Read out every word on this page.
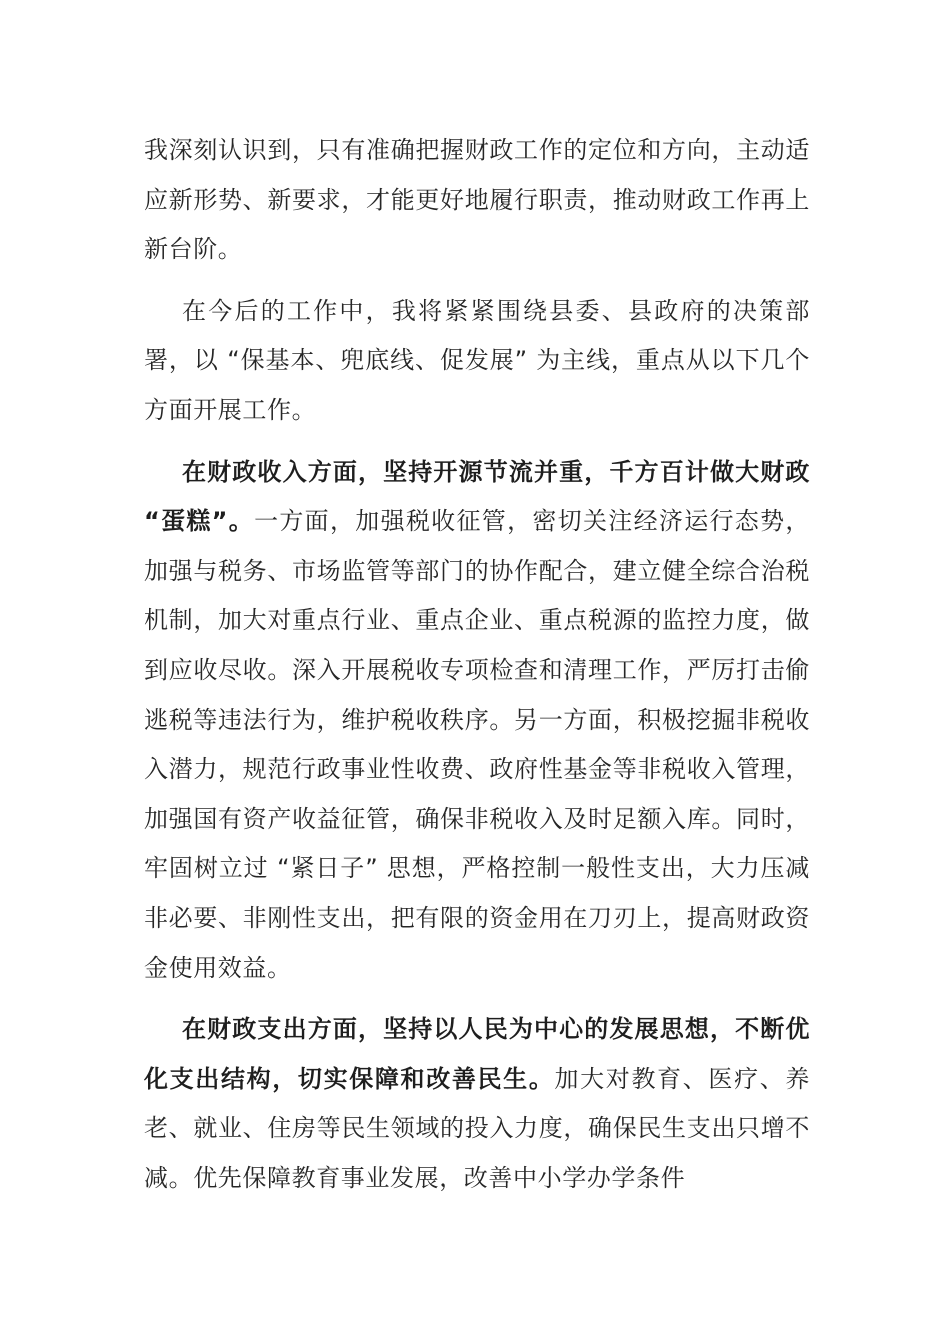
我深刻认识到，只有准确把握财政工作的定位和方向，主动适应新形势、新要求，才能更好地履行职责，推动财政工作再上新台阶。

在今后的工作中，我将紧紧围绕县委、县政府的决策部署，以 “保基本、兜底线、促发展” 为主线，重点从以下几个方面开展工作。

在财政收入方面，坚持开源节流并重，千方百计做大财政 “蛋糕”。一方面，加强税收征管，密切关注经济运行态势，加强与税务、市场监管等部门的协作配合，建立健全综合治税机制，加大对重点行业、重点企业、重点税源的监控力度，做到应收尽收。深入开展税收专项检查和清理工作，严厉打击偷逃税等违法行为，维护税收秩序。另一方面，积极挖掘非税收入潜力，规范行政事业性收费、政府性基金等非税收入管理，加强国有资产收益征管，确保非税收入及时足额入库。同时，牢固树立过 “紧日子” 思想，严格控制一般性支出，大力压减非必要、非刚性支出，把有限的资金用在刀刃上，提高财政资金使用效益。

在财政支出方面，坚持以人民为中心的发展思想，不断优化支出结构，切实保障和改善民生。加大对教育、医疗、养老、就业、住房等民生领域的投入力度，确保民生支出只增不减。优先保障教育事业发展，改善中小学办学条件
